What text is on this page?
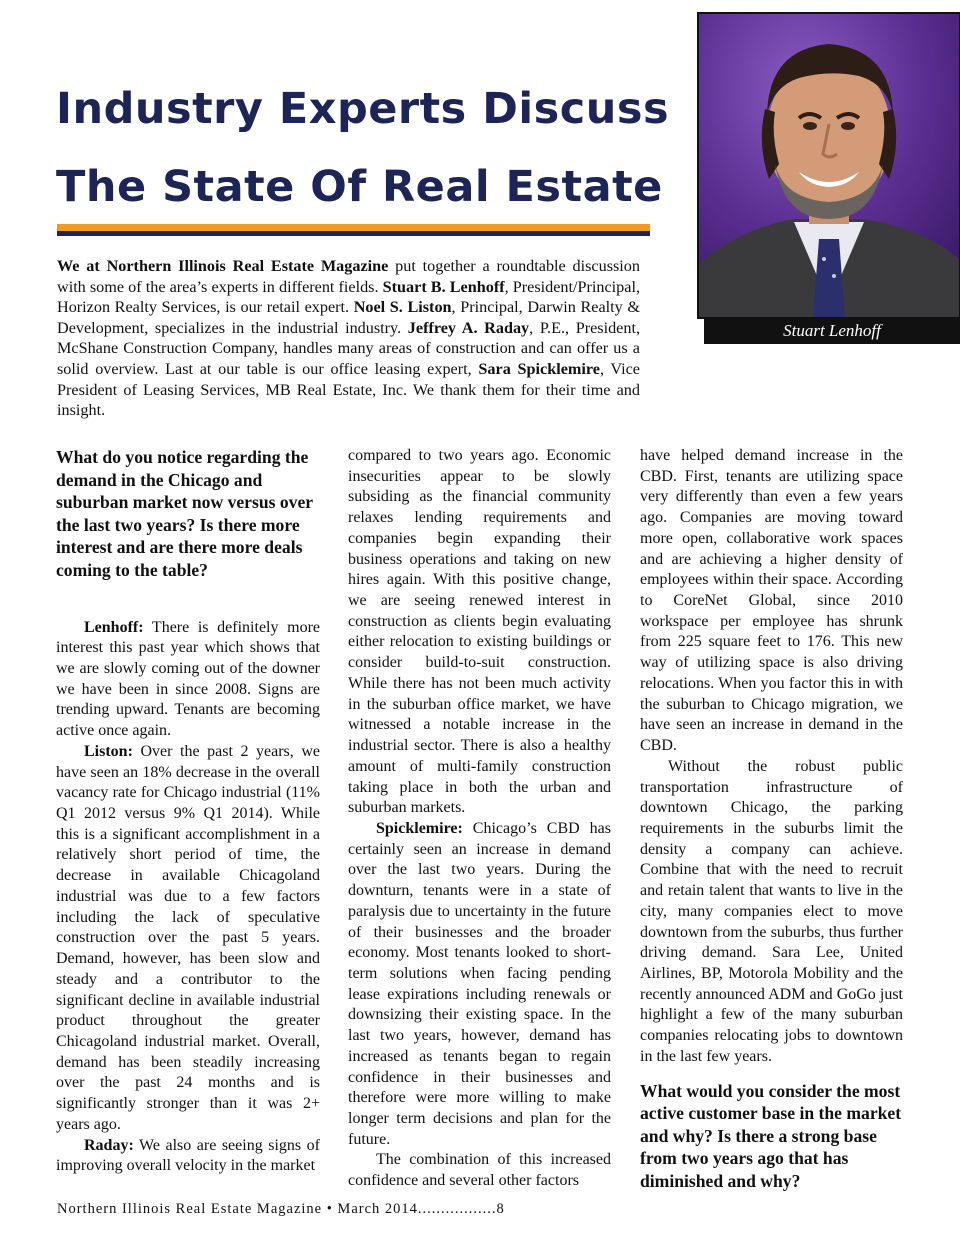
Industry Experts Discuss
The State Of Real Estate
Stuart Lenhoff
We at Northern Illinois Real Estate Magazine put together a roundtable discussion with some of the area’s experts in different fields. Stuart B. Lenhoff, President/Principal, Horizon Realty Services, is our retail expert. Noel S. Liston, Principal, Darwin Realty & Development, specializes in the industrial industry. Jeffrey A. Raday, P.E., President, McShane Construction Company, handles many areas of construction and can offer us a solid overview. Last at our table is our office leasing expert, Sara Spicklemire, Vice President of Leasing Services, MB Real Estate, Inc. We thank them for their time and insight.

What do you notice regarding the demand in the Chicago and suburban market now versus over the last two years? Is there more interest and are there more deals coming to the table?

Lenhoff: There is definitely more interest this past year which shows that we are slowly coming out of the downer we have been in since 2008. Signs are trending upward. Tenants are becoming active once again.

Liston: Over the past 2 years, we have seen an 18% decrease in the overall vacancy rate for Chicago industrial (11% Q1 2012 versus 9% Q1 2014). While this is a significant accomplishment in a relatively short period of time, the decrease in available Chicagoland industrial was due to a few factors including the lack of speculative construction over the past 5 years. Demand, however, has been slow and steady and a contributor to the significant decline in available industrial product throughout the greater Chicagoland industrial market. Overall, demand has been steadily increasing over the past 24 months and is significantly stronger than it was 2+ years ago.

Raday: We also are seeing signs of improving overall velocity in the market

compared to two years ago. Economic insecurities appear to be slowly subsiding as the financial community relaxes lending requirements and companies begin expanding their business operations and taking on new hires again. With this positive change, we are seeing renewed interest in construction as clients begin evaluating either relocation to existing buildings or consider build-to-suit construction. While there has not been much activity in the suburban office market, we have witnessed a notable increase in the industrial sector. There is also a healthy amount of multi-family construction taking place in both the urban and suburban markets.

Spicklemire: Chicago’s CBD has certainly seen an increase in demand over the last two years. During the downturn, tenants were in a state of paralysis due to uncertainty in the future of their businesses and the broader economy. Most tenants looked to short-term solutions when facing pending lease expirations including renewals or downsizing their existing space. In the last two years, however, demand has increased as tenants began to regain confidence in their businesses and therefore were more willing to make longer term decisions and plan for the future.

The combination of this increased confidence and several other factors

have helped demand increase in the CBD. First, tenants are utilizing space very differently than even a few years ago. Companies are moving toward more open, collaborative work spaces and are achieving a higher density of employees within their space. According to CoreNet Global, since 2010 workspace per employee has shrunk from 225 square feet to 176. This new way of utilizing space is also driving relocations. When you factor this in with the suburban to Chicago migration, we have seen an increase in demand in the CBD.

Without the robust public transportation infrastructure of downtown Chicago, the parking requirements in the suburbs limit the density a company can achieve. Combine that with the need to recruit and retain talent that wants to live in the city, many companies elect to move downtown from the suburbs, thus further driving demand. Sara Lee, United Airlines, BP, Motorola Mobility and the recently announced ADM and GoGo just highlight a few of the many suburban companies relocating jobs to downtown in the last few years.

What would you consider the most active customer base in the market and why? Is there a strong base from two years ago that has diminished and why?

Northern Illinois Real Estate Magazine • March 2014.................8
